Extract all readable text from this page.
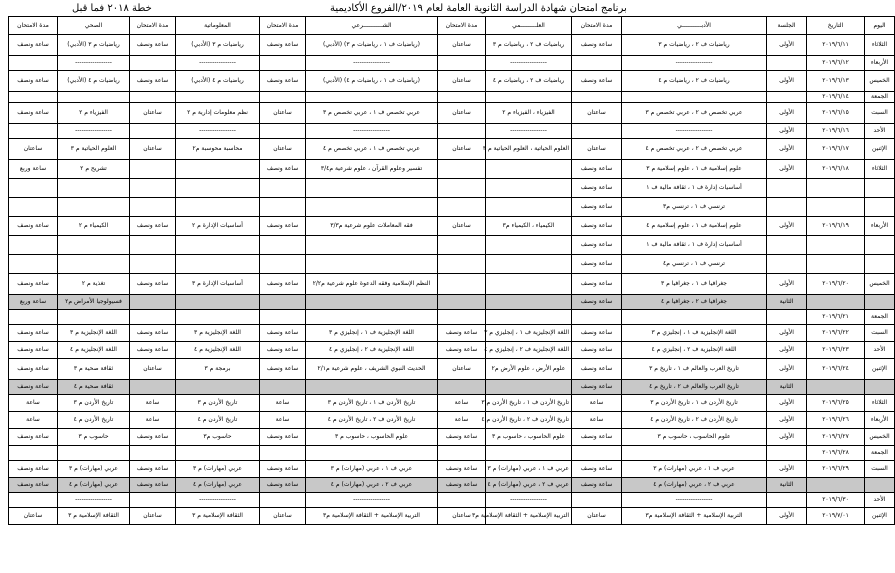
خطة ٢٠١٨ فما قبل	برنامج امتحان شهادة الدراسة الثانوية العامة لعام ٢٠١٩/الفروع الأكاديمية
اليوم	التاريخ	الجلسة	الأدبـــــــــــي	مدة الامتحان	العلـــــــــمي	مدة الامتحان	الشـــــــــــرعي	مدة الامتحان	المعلوماتية	مدة الامتحان	الصحي	مدة الامتحان
الثلاثاء	٢٠١٩/٦/١١	الأولى	رياضيات ف ٢ ، رياضيات م ٣	ساعة ونصف	رياضيات ف ٢ ، رياضيات م ٣	ساعتان	(رياضيات ف ١ ، رياضيات م ٣) (الأدبي)	ساعة ونصف	رياضيات م ٣ (الأدبي)	ساعة ونصف	رياضيات م ٣ (الأدبي)	ساعة ونصف
الأربعاء	٢٠١٩/٦/١٢		-----------------		-----------------		-----------------		-----------------		-----------------	
الخميس	٢٠١٩/٦/١٣	الأولى	رياضيات ف ٢ ، رياضيات م ٤	ساعة ونصف	رياضيات ف ٢ ، رياضيات م ٤	ساعتان	(رياضيات ف ١ ، رياضيات م ٤) (الأدبي)	ساعة ونصف	رياضيات م ٤ (الأدبي)	ساعة ونصف	رياضيات م ٤ (الأدبي)	ساعة ونصف
الجمعة	٢٠١٩/٦/١٤											
السبت	٢٠١٩/٦/١٥	الأولى	عربي تخصص ف ٢ ، عربي تخصص م ٣	ساعتان	الفيزياء ، الفيزياء م ٢	ساعتان	عربي تخصص ف ١ ، عربي تخصص م ٣	ساعتان	نظم معلومات إدارية م ٢	ساعتان	الفيزياء م ٢	ساعة ونصف
الأحد	٢٠١٩/٦/١٦	الأولى	-----------------		-----------------		-----------------		-----------------		-----------------	
الإثنين	٢٠١٩/٦/١٧	الأولى	عربي تخصص ف ٢ ، عربي تخصص م ٤	ساعتان	العلوم الحياتية ، العلوم الحياتية م ٣	ساعتان	عربي تخصص ف ١ ، عربي تخصص م ٤	ساعتان	محاسبة محوسبة م٢	ساعتان	العلوم الحياتية م ٣	ساعتان
الثلاثاء	٢٠١٩/٦/١٨	الأولى	علوم إسلامية ف ١ ، علوم إسلامية م ٣	ساعة ونصف			تفسير وعلوم القرآن ، علوم شرعية م٣/٤	ساعة ونصف			تشريح م ٢	ساعة وربع
			أساسيات إدارة ف ١ ، ثقافة مالية ف ١	ساعة ونصف								
			ترنسي ف ١ ، ترنسي م٣	ساعة ونصف								
الأربعاء	٢٠١٩/٦/١٩	الأولى	علوم إسلامية ف ١ ، علوم إسلامية م ٤	ساعة ونصف	الكيمياء ، الكيمياء م٣	ساعتان	فقه المعاملات علوم شرعية م٣/٣	ساعة ونصف	أساسيات الإدارة م ٢	ساعة ونصف	الكيمياء م ٢	ساعة ونصف
			أساسيات إدارة ف ١ ، ثقافة مالية ف ١	ساعة ونصف								
			ترنسي ف ١ ، ترنسي م٤	ساعة ونصف								
الخميس	٢٠١٩/٦/٢٠	الأولى	جغرافيا ف ١ ، جغرافيا م ٣	ساعة ونصف			النظم الإسلامية وفقه الدعوة علوم شرعية م٢/٢	ساعة ونصف	أساسيات الإدارة م ٣	ساعة ونصف	تغذية م ٢	ساعة ونصف
		الثانية	جغرافيا ف ٢ ، جغرافيا م ٤	ساعة ونصف							فسيولوجيا الأمراض م٢	ساعة وربع
الجمعة	٢٠١٩/٦/٢١											
السبت	٢٠١٩/٦/٢٢	الأولى	اللغة الإنجليزية ف ١ ، إنجليزي م ٣	ساعة ونصف	اللغة الإنجليزية ف ١ ، إنجليزي م ٣	ساعة ونصف	اللغة الإنجليزية ف ١ ، إنجليزي م ٣	ساعة ونصف	اللغة الإنجليزية م ٣	ساعة ونصف	اللغة الإنجليزية م ٣	ساعة ونصف
الأحد	٢٠١٩/٦/٢٣	الأولى	اللغة الإنجليزية ف ٢ ، إنجليزي م ٤	ساعة ونصف	اللغة الإنجليزية ف ٢ ، إنجليزي م ٤	ساعة ونصف	اللغة الإنجليزية ف ٢ ، إنجليزي م ٤	ساعة ونصف	اللغة الإنجليزية م ٤	ساعة ونصف	اللغة الإنجليزية م ٤	ساعة ونصف
الإثنين	٢٠١٩/٦/٢٤	الأولى	تاريخ العرب والعالم ف ١ ، تاريخ م ٣	ساعة ونصف	علوم الأرض ، علوم الأرض م٢	ساعتان	الحديث النبوي الشريف ، علوم شرعية م٢/١	ساعة ونصف	برمجة م ٣	ساعتان	ثقافة صحية م ٣	ساعة ونصف
		الثانية	تاريخ العرب والعالم ف ٢ ، تاريخ م ٤	ساعة ونصف							ثقافة صحية م ٤	ساعة ونصف
الثلاثاء	٢٠١٩/٦/٢٥	الأولى	تاريخ الأردن ف ١ ، تاريخ الأردن م ٣	ساعة	تاريخ الأردن ف ١ ، تاريخ الأردن م ٣	ساعة	تاريخ الأردن ف ١ ، تاريخ الأردن م ٣	ساعة	تاريخ الأردن م ٣	ساعة	تاريخ الأردن م ٣	ساعة
الأربعاء	٢٠١٩/٦/٢٦	الأولى	تاريخ الأردن ف ٢ ، تاريخ الأردن م ٤	ساعة	تاريخ الأردن ف ٢ ، تاريخ الأردن م ٤	ساعة	تاريخ الأردن ف ٢ ، تاريخ الأردن م ٤	ساعة	تاريخ الأردن م ٤	ساعة	تاريخ الأردن م ٤	ساعة
الخميس	٢٠١٩/٦/٢٧	الأولى	علوم الحاسوب ، حاسوب م ٣	ساعة ونصف	علوم الحاسوب ، حاسوب م ٣	ساعة ونصف	علوم الحاسوب ، حاسوب م ٣	ساعة ونصف	حاسوب م٣	ساعة ونصف	حاسوب م ٣	ساعة ونصف
الجمعة	٢٠١٩/٦/٢٨											
السبت	٢٠١٩/٦/٢٩	الأولى	عربي ف ١ ، عربي (مهارات) م ٣	ساعة ونصف	عربي ف ١ ، عربي (مهارات) م ٣	ساعة ونصف	عربي ف ١ ، عربي (مهارات) م ٣	ساعة ونصف	عربي (مهارات) م ٣	ساعة ونصف	عربي (مهارات) م ٣	ساعة ونصف
		الثانية	عربي ف ٢ ، عربي (مهارات) م ٤	ساعة ونصف	عربي ف ٢ ، عربي (مهارات) م ٤	ساعة ونصف	عربي ف ٢ ، عربي (مهارات) م ٤	ساعة ونصف	عربي (مهارات) م ٤	ساعة ونصف	عربي (مهارات) م ٤	ساعة ونصف
الأحد	٢٠١٩/٦/٣٠		-----------------		-----------------		-----------------		-----------------		-----------------	
الإثنين	٢٠١٩/٧/٠١	الأولى	التربية الإسلامية + الثقافة الإسلامية م٣	ساعتان	التربية الإسلامية + الثقافة الإسلامية م٣	ساعتان	التربية الإسلامية + الثقافة الإسلامية م٣	ساعتان	الثقافة الإسلامية م ٣	ساعتان	الثقافة الإسلامية م ٣	ساعتان
